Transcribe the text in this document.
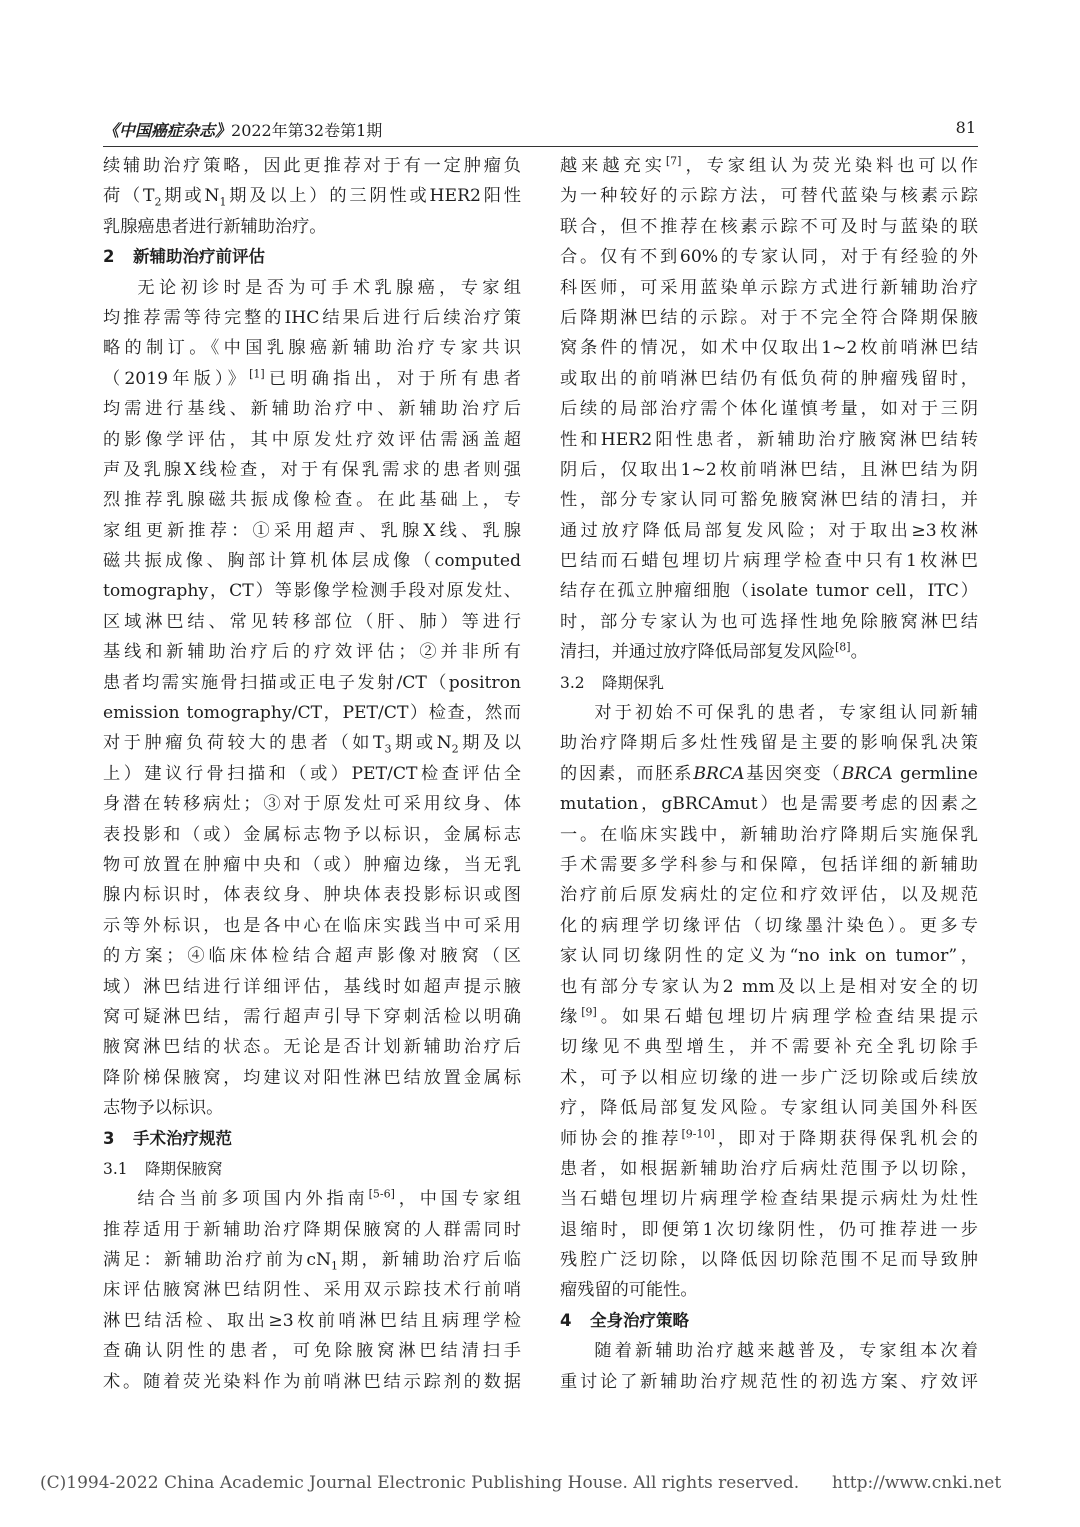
《中国癌症杂志》2022年第32卷第1期	81

续辅助治疗策略，因此更推荐对于有一定肿瘤负

荷（$T_2$期或$N_1$期及以上）的三阴性或HER2阳性

乳腺癌患者进行新辅助治疗。

2 新辅助治疗前评估

无论初诊时是否为可手术乳腺癌，专家组

均推荐需等待完整的IHC结果后进行后续治疗策

略的制订。《中国乳腺癌新辅助治疗专家共识

（2019年版）》[1]已明确指出，对于所有患者

均需进行基线、新辅助治疗中、新辅助治疗后

的影像学评估，其中原发灶疗效评估需涵盖超

声及乳腺X线检查，对于有保乳需求的患者则强

烈推荐乳腺磁共振成像检查。在此基础上，专

家组更新推荐：①采用超声、乳腺X线、乳腺

磁共振成像、胸部计算机体层成像（computed

tomography，CT）等影像学检测手段对原发灶、

区域淋巴结、常见转移部位（肝、肺）等进行

基线和新辅助治疗后的疗效评估；②并非所有

患者均需实施骨扫描或正电子发射/CT（positron

emission tomography/CT，PET/CT）检查，然而

对于肿瘤负荷较大的患者（如$T_3$期或$N_2$期及以

上）建议行骨扫描和（或）PET/CT检查评估全

身潜在转移病灶；③对于原发灶可采用纹身、体

表投影和（或）金属标志物予以标识，金属标志

物可放置在肿瘤中央和（或）肿瘤边缘，当无乳

腺内标识时，体表纹身、肿块体表投影标识或图

示等外标识，也是各中心在临床实践当中可采用

的方案；④临床体检结合超声影像对腋窝（区

域）淋巴结进行详细评估，基线时如超声提示腋

窝可疑淋巴结，需行超声引导下穿刺活检以明确

腋窝淋巴结的状态。无论是否计划新辅助治疗后

降阶梯保腋窝，均建议对阳性淋巴结放置金属标

志物予以标识。

3 手术治疗规范
3.1 降期保腋窝

结合当前多项国内外指南[5-6]，中国专家组

推荐适用于新辅助治疗降期保腋窝的人群需同时

满足：新辅助治疗前为$cN_1$期，新辅助治疗后临

床评估腋窝淋巴结阴性、采用双示踪技术行前哨

淋巴结活检、取出≥3枚前哨淋巴结且病理学检

查确认阴性的患者，可免除腋窝淋巴结清扫手

术。随着荧光染料作为前哨淋巴结示踪剂的数据

越来越充实[7]，专家组认为荧光染料也可以作

为一种较好的示踪方法，可替代蓝染与核素示踪

联合，但不推荐在核素示踪不可及时与蓝染的联

合。仅有不到60%的专家认同，对于有经验的外

科医师，可采用蓝染单示踪方式进行新辅助治疗

后降期淋巴结的示踪。对于不完全符合降期保腋

窝条件的情况，如术中仅取出1~2枚前哨淋巴结

或取出的前哨淋巴结仍有低负荷的肿瘤残留时，

后续的局部治疗需个体化谨慎考量，如对于三阴

性和HER2阳性患者，新辅助治疗腋窝淋巴结转

阴后，仅取出1~2枚前哨淋巴结，且淋巴结为阴

性，部分专家认同可豁免腋窝淋巴结的清扫，并

通过放疗降低局部复发风险；对于取出≥3枚淋

巴结而石蜡包埋切片病理学检查中只有1枚淋巴

结存在孤立肿瘤细胞（isolate tumor cell，ITC）

时，部分专家认为也可选择性地免除腋窝淋巴结

清扫，并通过放疗降低局部复发风险[8]。

3.2 降期保乳

对于初始不可保乳的患者，专家组认同新辅

助治疗降期后多灶性残留是主要的影响保乳决策

的因素，而胚系BRCA基因突变（BRCA germline

mutation，gBRCAmut）也是需要考虑的因素之

一。在临床实践中，新辅助治疗降期后实施保乳

手术需要多学科参与和保障，包括详细的新辅助

治疗前后原发病灶的定位和疗效评估，以及规范

化的病理学切缘评估（切缘墨汁染色）。更多专

家认同切缘阴性的定义为“no ink on tumor”，

也有部分专家认为2 mm及以上是相对安全的切

缘[9]。如果石蜡包埋切片病理学检查结果提示

切缘见不典型增生，并不需要补充全乳切除手

术，可予以相应切缘的进一步广泛切除或后续放

疗，降低局部复发风险。专家组认同美国外科医

师协会的推荐[9-10]，即对于降期获得保乳机会的

患者，如根据新辅助治疗后病灶范围予以切除，

当石蜡包埋切片病理学检查结果提示病灶为灶性

退缩时，即便第1次切缘阴性，仍可推荐进一步

残腔广泛切除，以降低因切除范围不足而导致肿

瘤残留的可能性。

4 全身治疗策略

随着新辅助治疗越来越普及，专家组本次着

重讨论了新辅助治疗规范性的初选方案、疗效评

(C)1994-2022 China Academic Journal Electronic Publishing House. All rights reserved. http://www.cnki.net
